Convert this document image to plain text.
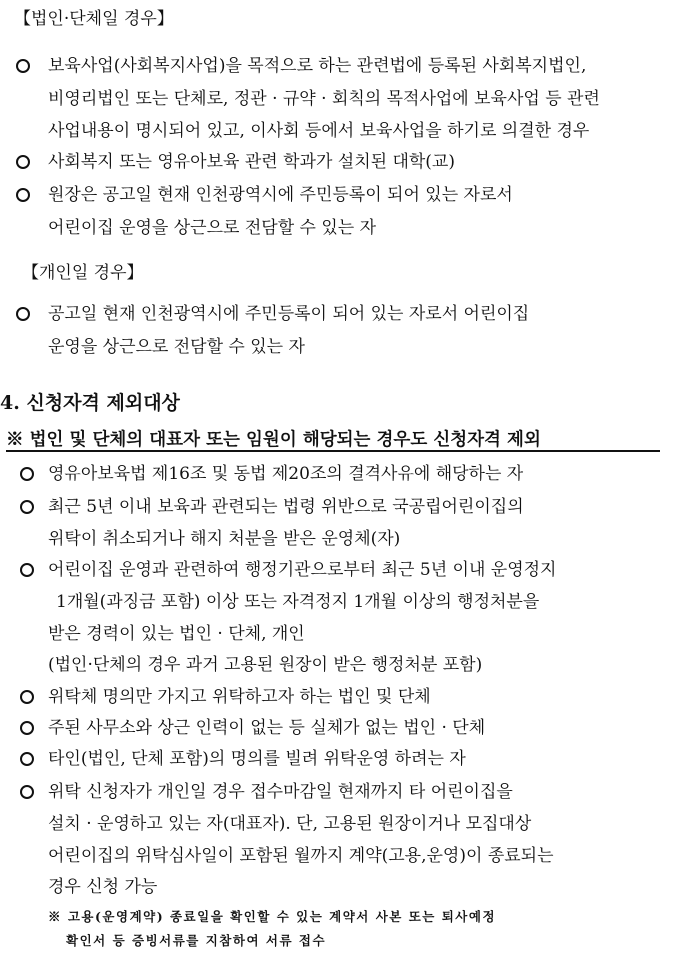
【법인·단체일 경우】
보육사업(사회복지사업)을 목적으로 하는 관련법에 등록된 사회복지법인,
비영리법인 또는 단체로, 정관 · 규약 · 회칙의 목적사업에 보육사업 등 관련
사업내용이 명시되어 있고, 이사회 등에서 보육사업을 하기로 의결한 경우
사회복지 또는 영유아보육 관련 학과가 설치된 대학(교)
원장은 공고일 현재 인천광역시에 주민등록이 되어 있는 자로서
어린이집 운영을 상근으로 전담할 수 있는 자
【개인일 경우】
공고일 현재 인천광역시에 주민등록이 되어 있는 자로서 어린이집
운영을 상근으로 전담할 수 있는 자
4. 신청자격 제외대상
※ 법인 및 단체의 대표자 또는 임원이 해당되는 경우도 신청자격 제외
영유아보육법 제16조 및 동법 제20조의 결격사유에 해당하는 자
최근 5년 이내 보육과 관련되는 법령 위반으로 국공립어린이집의
위탁이 취소되거나 해지 처분을 받은 운영체(자)
어린이집 운영과 관련하여 행정기관으로부터 최근 5년 이내 운영정지
1개월(과징금 포함) 이상 또는 자격정지 1개월 이상의 행정처분을
받은 경력이 있는 법인 · 단체, 개인
(법인·단체의 경우 과거 고용된 원장이 받은 행정처분 포함)
위탁체 명의만 가지고 위탁하고자 하는 법인 및 단체
주된 사무소와 상근 인력이 없는 등 실체가 없는 법인 · 단체
타인(법인, 단체 포함)의 명의를 빌려 위탁운영 하려는 자
위탁 신청자가 개인일 경우 접수마감일 현재까지 타 어린이집을
설치 · 운영하고 있는 자(대표자). 단, 고용된 원장이거나 모집대상
어린이집의 위탁심사일이 포함된 월까지 계약(고용,운영)이 종료되는
경우 신청 가능
※ 고용(운영계약) 종료일을 확인할 수 있는 계약서 사본 또는 퇴사예정
확인서 등 증빙서류를 지참하여 서류 접수
